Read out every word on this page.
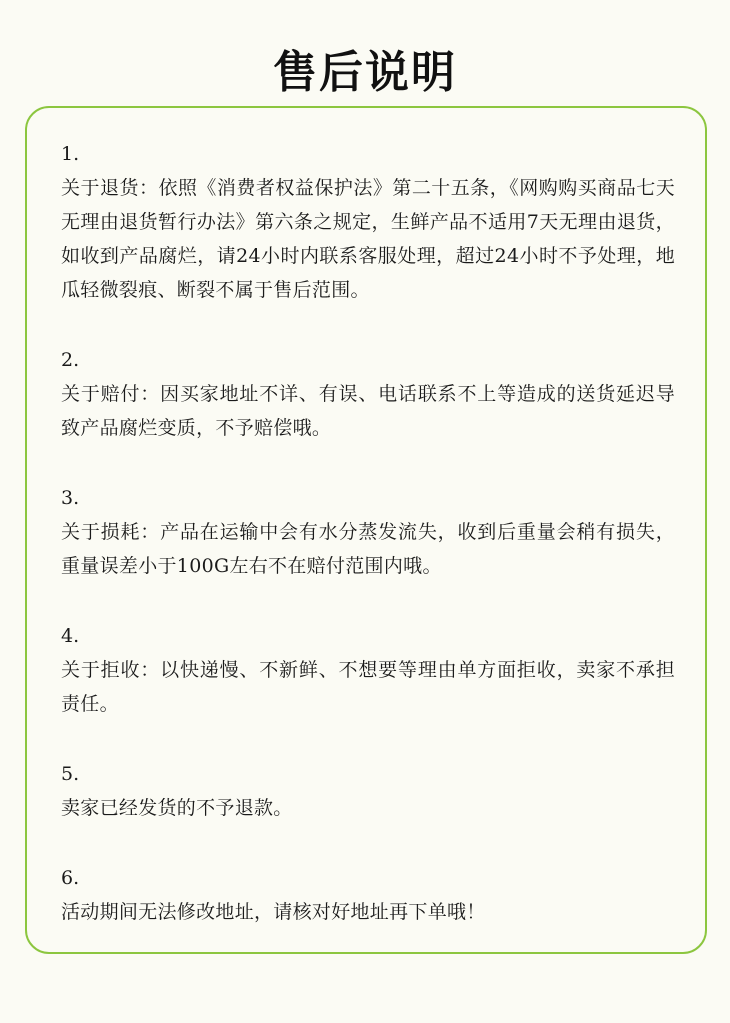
售后说明
1.
关于退货：依照《消费者权益保护法》第二十五条，《网购购买商品七天无理由退货暂行办法》第六条之规定，生鲜产品不适用7天无理由退货，如收到产品腐烂，请24小时内联系客服处理，超过24小时不予处理，地瓜轻微裂痕、断裂不属于售后范围。
2.
关于赔付：因买家地址不详、有误、电话联系不上等造成的送货延迟导致产品腐烂变质，不予赔偿哦。
3.
关于损耗：产品在运输中会有水分蒸发流失，收到后重量会稍有损失，重量误差小于100G左右不在赔付范围内哦。
4.
关于拒收：以快递慢、不新鲜、不想要等理由单方面拒收，卖家不承担责任。
5.
卖家已经发货的不予退款。
6.
活动期间无法修改地址，请核对好地址再下单哦！
